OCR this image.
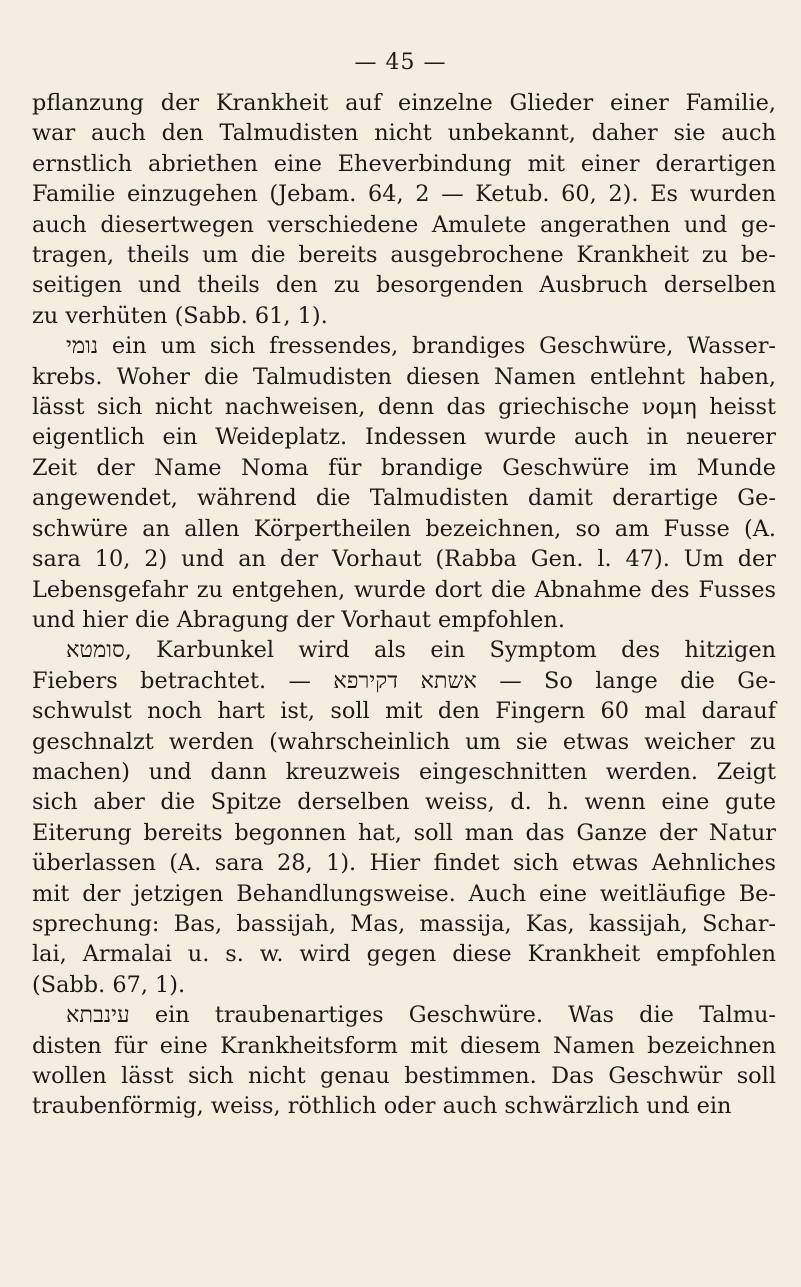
— 45 —
pflanzung der Krankheit auf einzelne Glieder einer Familie,
war auch den Talmudisten nicht unbekannt, daher sie auch
ernstlich abriethen eine Eheverbindung mit einer derartigen
Familie einzugehen (Jebam. 64, 2 — Ketub. 60, 2). Es wurden
auch diesertwegen verschiedene Amulete angerathen und ge-
tragen, theils um die bereits ausgebrochene Krankheit zu be-
seitigen und theils den zu besorgenden Ausbruch derselben
zu verhüten (Sabb. 61, 1).
נומי ein um sich fressendes, brandiges Geschwüre, Wasser-
krebs. Woher die Talmudisten diesen Namen entlehnt haben,
lässt sich nicht nachweisen, denn das griechische νομη heisst
eigentlich ein Weideplatz. Indessen wurde auch in neuerer
Zeit der Name Noma für brandige Geschwüre im Munde
angewendet, während die Talmudisten damit derartige Ge-
schwüre an allen Körpertheilen bezeichnen, so am Fusse (A.
sara 10, 2) und an der Vorhaut (Rabba Gen. l. 47). Um der
Lebensgefahr zu entgehen, wurde dort die Abnahme des Fusses
und hier die Abragung der Vorhaut empfohlen.
סומטא, Karbunkel wird als ein Symptom des hitzigen
Fiebers betrachtet. — אשתא דקירפא — So lange die Ge-
schwulst noch hart ist, soll mit den Fingern 60 mal darauf
geschnalzt werden (wahrscheinlich um sie etwas weicher zu
machen) und dann kreuzweis eingeschnitten werden. Zeigt
sich aber die Spitze derselben weiss, d. h. wenn eine gute
Eiterung bereits begonnen hat, soll man das Ganze der Natur
überlassen (A. sara 28, 1). Hier findet sich etwas Aehnliches
mit der jetzigen Behandlungsweise. Auch eine weitläufige Be-
sprechung: Bas, bassijah, Mas, massija, Kas, kassijah, Schar-
lai, Armalai u. s. w. wird gegen diese Krankheit empfohlen
(Sabb. 67, 1).
עינבתא ein traubenartiges Geschwüre. Was die Talmu-
disten für eine Krankheitsform mit diesem Namen bezeichnen
wollen lässt sich nicht genau bestimmen. Das Geschwür soll
traubenförmig, weiss, röthlich oder auch schwärzlich und ein
